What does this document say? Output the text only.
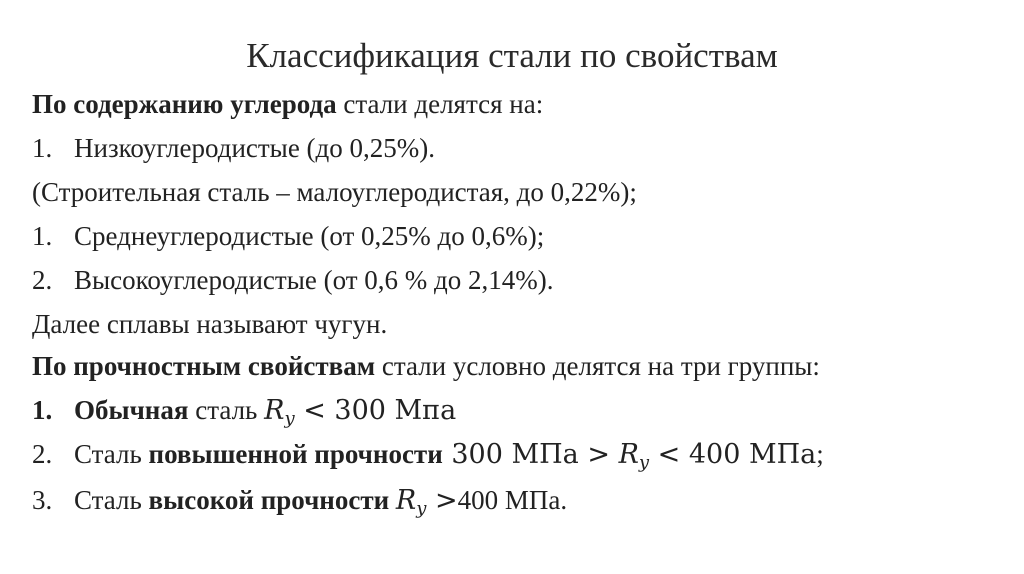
Классификация стали по свойствам
По содержанию углерода стали делятся на:
1. Низкоуглеродистые (до 0,25%).
(Строительная сталь – малоуглеродистая, до 0,22%);
1. Среднеуглеродистые (от 0,25% до 0,6%);
2. Высокоуглеродистые (от 0,6 % до 2,14%).
Далее сплавы называют чугун.
По прочностным свойствам стали условно делятся на три группы:
1. Обычная сталь $R_y < 300$ Мпа
2. Сталь повышенной прочности 300 МПа > $R_y < 400$ МПа;
3. Сталь высокой прочности $R_y >400$ МПа.
